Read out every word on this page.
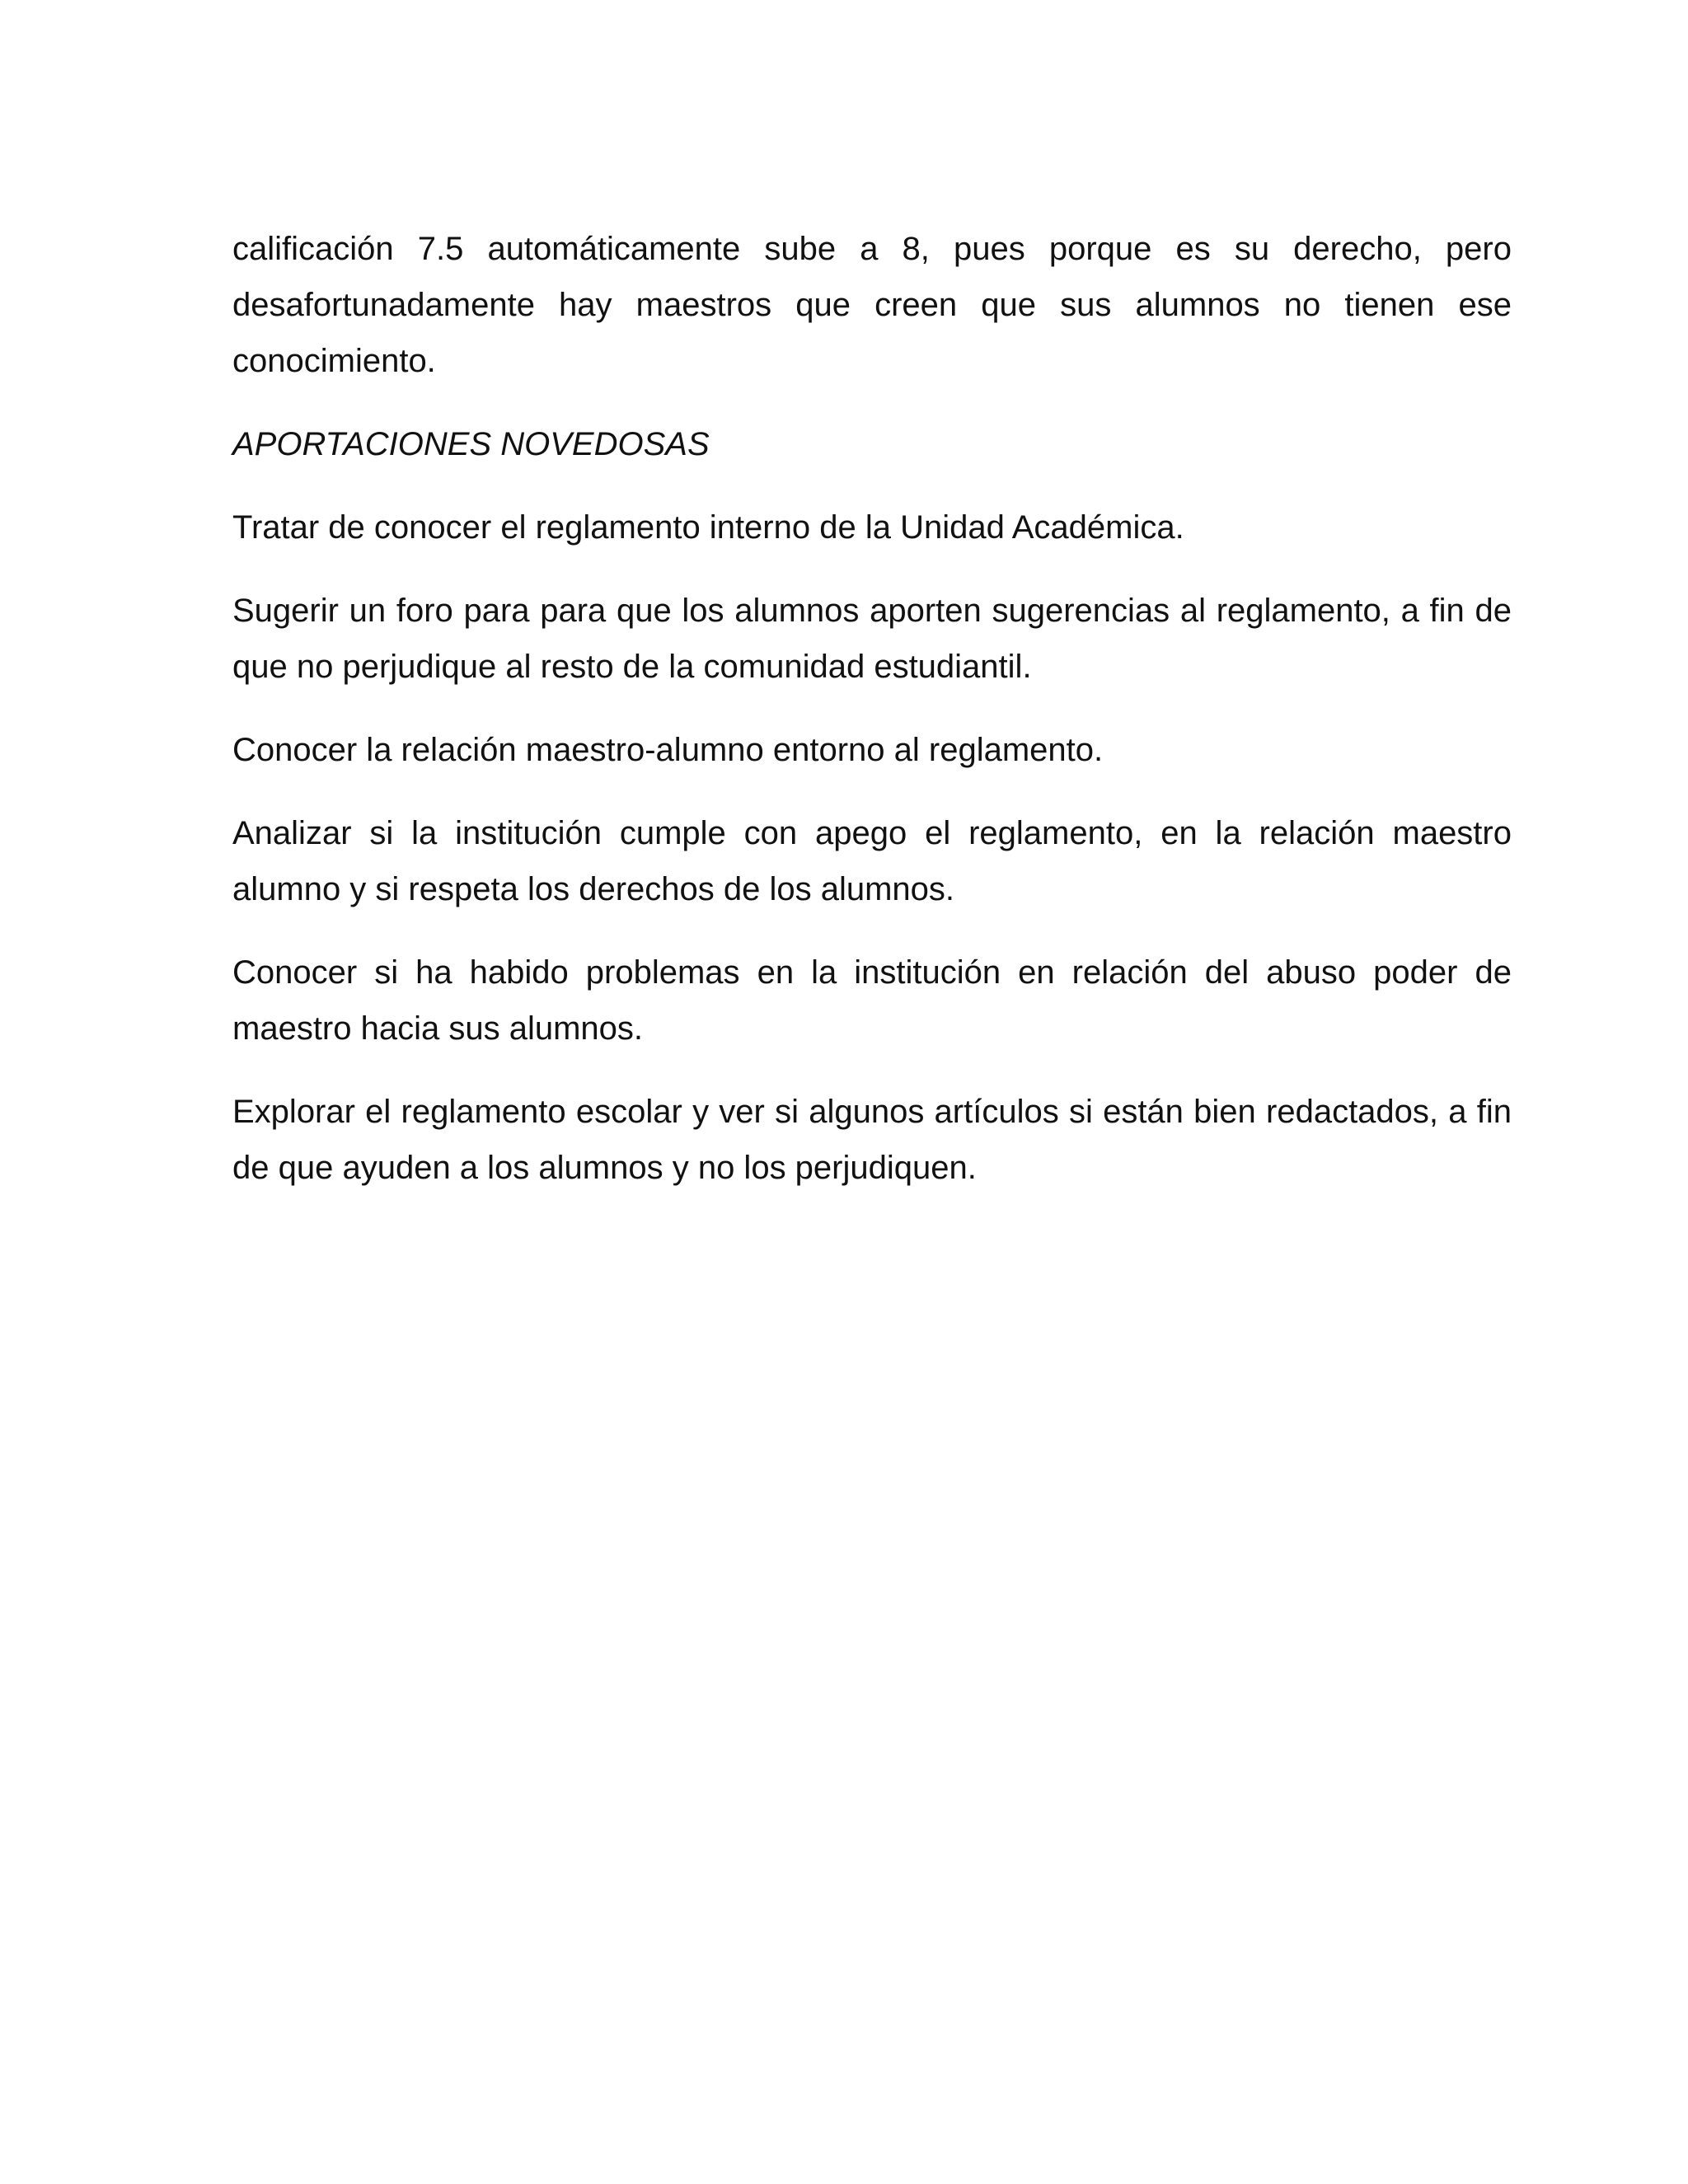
calificación 7.5 automáticamente sube a 8, pues porque es su derecho, pero desafortunadamente hay maestros que creen que sus alumnos no tienen ese conocimiento.

APORTACIONES NOVEDOSAS

Tratar de conocer el reglamento interno de la Unidad Académica.

Sugerir un foro para para que los alumnos aporten sugerencias al reglamento, a fin de que no perjudique al resto de la comunidad estudiantil.

Conocer la relación maestro-alumno entorno al reglamento.

Analizar si la institución cumple con apego el reglamento, en la relación maestro alumno y si respeta los derechos de los alumnos.

Conocer si ha habido problemas en la institución en relación del abuso poder de maestro hacia sus alumnos.

Explorar el reglamento escolar y ver si algunos artículos si están bien redactados, a fin de que ayuden a los alumnos y no los perjudiquen.
